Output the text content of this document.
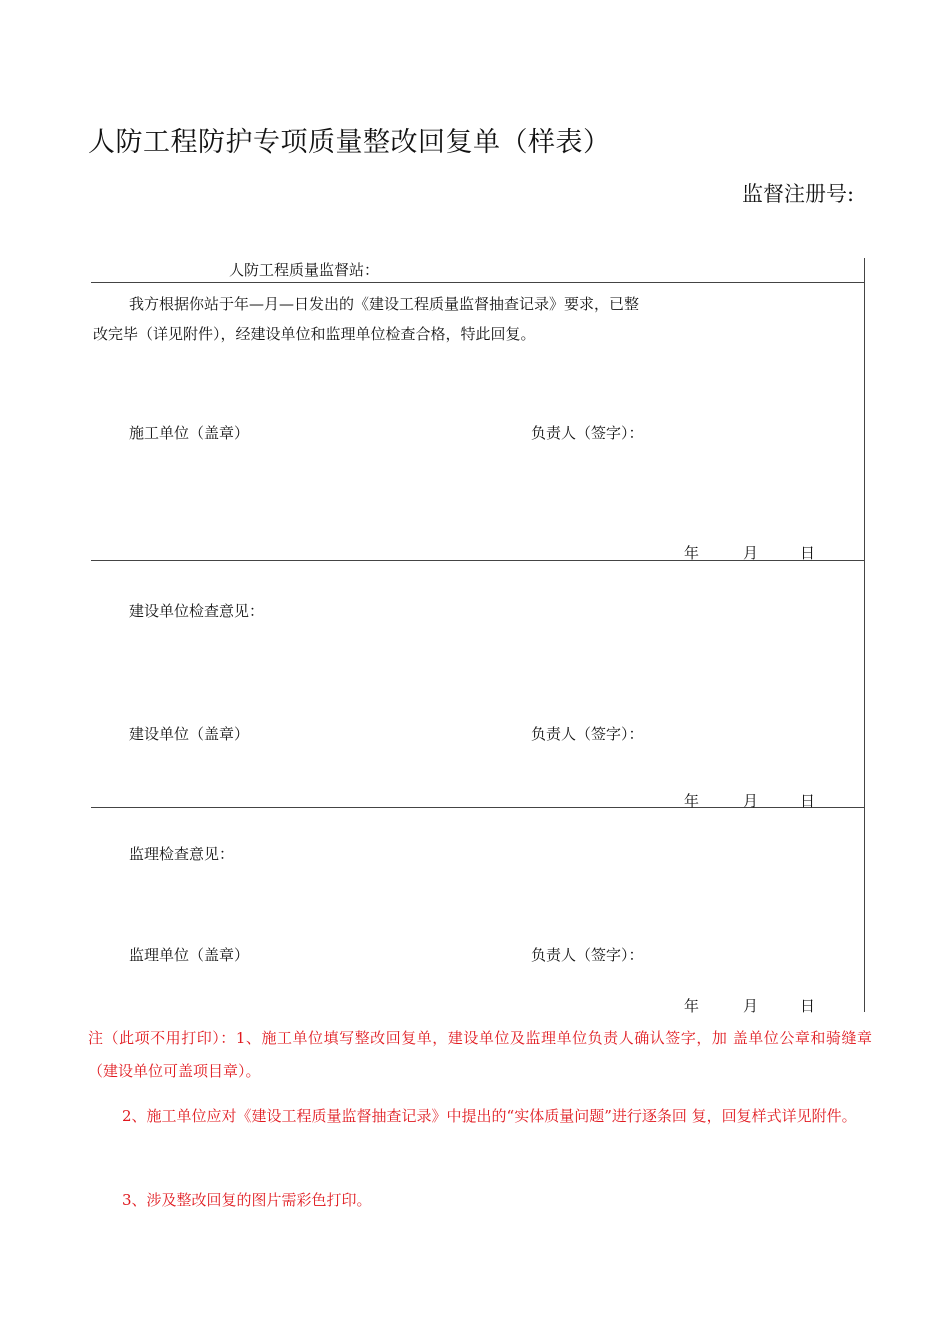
人防工程防护专项质量整改回复单（样表）
监督注册号:
人防工程质量监督站：
我方根据你站于年—月—日发出的《建设工程质量监督抽查记录》要求，已整
改完毕（详见附件），经建设单位和监理单位检查合格，特此回复。
施工单位（盖章）	负责人（签字）：
年	月	日
建设单位检查意见：
建设单位（盖章）	负责人（签字）：
年	月	日
监理检查意见：
监理单位（盖章）	负责人（签字）：
年	月	日
注（此项不用打印）：1、施工单位填写整改回复单，建设单位及监理单位负责人确认签字，加 盖单位公章和骑缝章（建设单位可盖项目章）。
2、施工单位应对《建设工程质量监督抽查记录》中提出的“实体质量问题”进行逐条回 复，回复样式详见附件。
3、涉及整改回复的图片需彩色打印。
